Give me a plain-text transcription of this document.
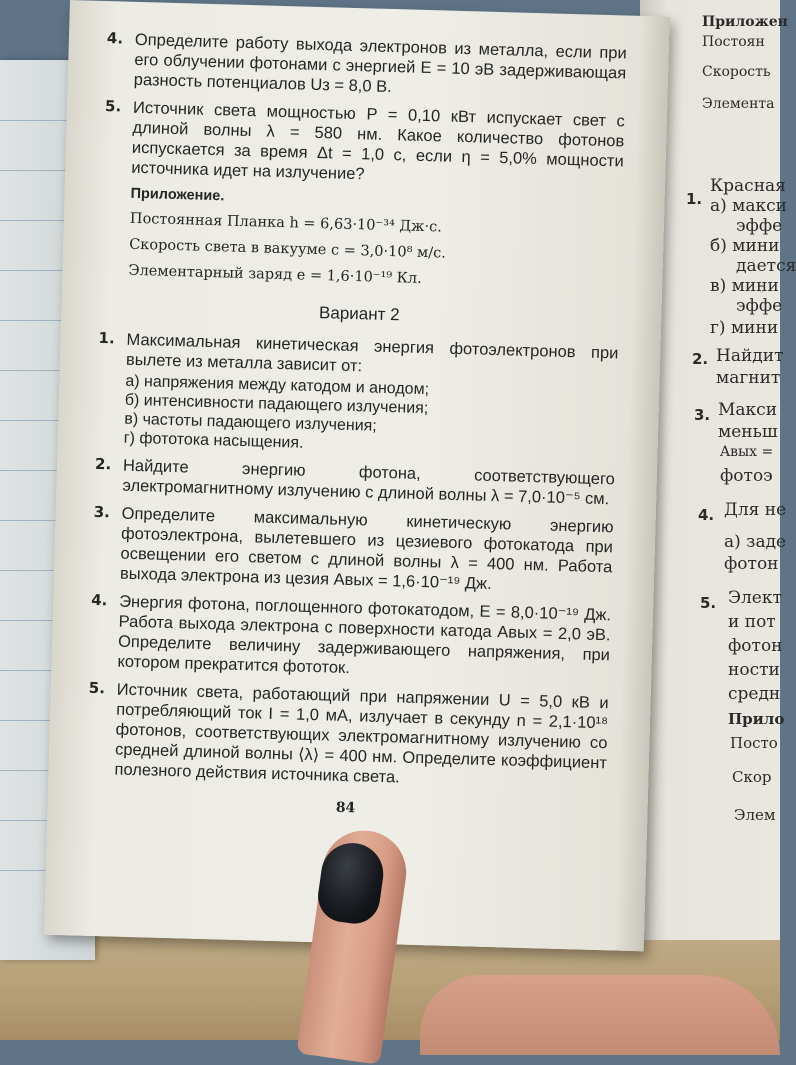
Приложен
Постоян
Скорость
Элемента
1.
Красная
а) макси
эффе
б) мини
дается
в) мини
эффе
г) мини
2. Найдит
магнит
3. Макси
меньш
Aвых =
фотоэ
4. Для не
а) заде
фотон
5. Элект
и пот
фотон
ности
средн
Прило
Посто
Скор
Элем
4. Определите работу выхода электронов из металла, если при его облучении фотонами с энергией E = 10 эВ задерживающая разность потенциалов Uз = 8,0 В.
5. Источник света мощностью P = 0,10 кВт испускает свет с длиной волны λ = 580 нм. Какое количество фотонов испускается за время Δt = 1,0 с, если η = 5,0% мощности источника идет на излучение?
Приложение.
Постоянная Планка h = 6,63·10⁻³⁴ Дж·с.
Скорость света в вакууме c = 3,0·10⁸ м/с.
Элементарный заряд e = 1,6·10⁻¹⁹ Кл.
Вариант 2
1. Максимальная кинетическая энергия фотоэлектронов при вылете из металла зависит от:
а) напряжения между катодом и анодом;
б) интенсивности падающего излучения;
в) частоты падающего излучения;
г) фототока насыщения.
2. Найдите энергию фотона, соответствующего электромагнитному излучению с длиной волны λ = 7,0·10⁻⁵ см.
3. Определите максимальную кинетическую энергию фотоэлектрона, вылетевшего из цезиевого фотокатода при освещении его светом с длиной волны λ = 400 нм. Работа выхода электрона из цезия Aвых = 1,6·10⁻¹⁹ Дж.
4. Энергия фотона, поглощенного фотокатодом, E = 8,0·10⁻¹⁹ Дж. Работа выхода электрона с поверхности катода Aвых = 2,0 эВ. Определите величину задерживающего напряжения, при котором прекратится фототок.
5. Источник света, работающий при напряжении U = 5,0 кВ и потребляющий ток I = 1,0 мА, излучает в секунду n = 2,1·10¹⁸ фотонов, соответствующих электромагнитному излучению со средней длиной волны ⟨λ⟩ = 400 нм. Определите коэффициент полезного действия источника света.
84
